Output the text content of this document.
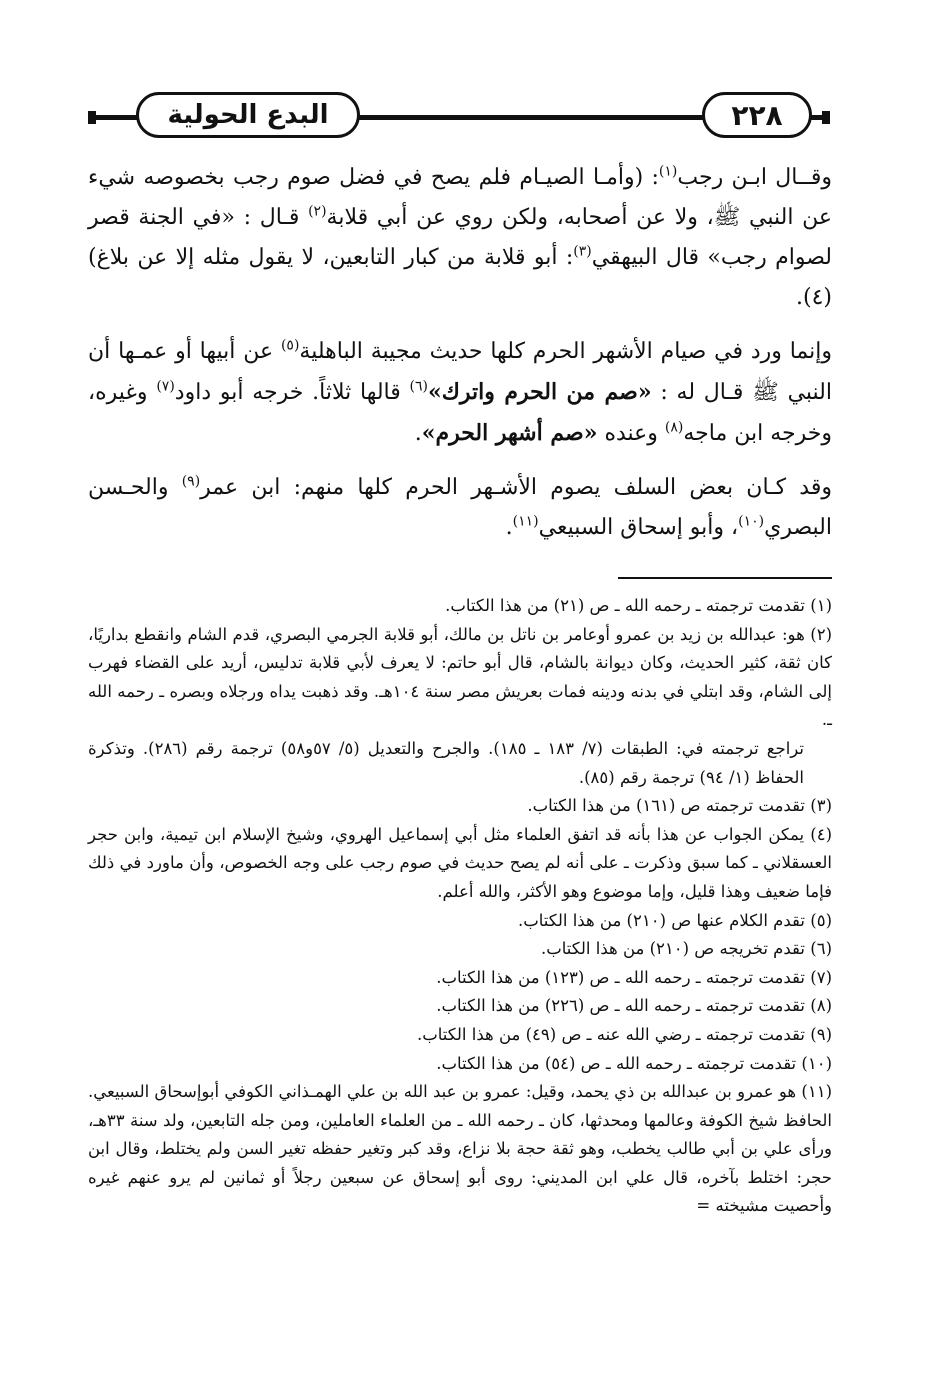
٢٢٨
البدع الحولية

وقــال ابـن رجب$^{(١)}$: (وأمـا الصيـام فلم يصح في فضل صوم رجب بخصوصه شيء عن النبي ﷺ، ولا عن أصحابه، ولكن روي عن أبي قلابة$^{(٢)}$ قـال : «في الجنة قصر لصوام رجب» قال البيهقي$^{(٣)}$: أبو قلابة من كبار التابعين، لا يقول مثله إلا عن بلاغ) (٤).

وإنما ورد في صيام الأشهر الحرم كلها حديث مجيبة الباهلية$^{(٥)}$ عن أبيها أو عمـها أن النبي ﷺ قـال له : «صم من الحرم واترك»$^{(٦)}$ قالها ثلاثاً. خرجه أبو داود$^{(٧)}$ وغيره، وخرجه ابن ماجه$^{(٨)}$ وعنده «صم أشهر الحرم».

وقد كـان بعض السلف يصوم الأشـهر الحرم كلها منهم: ابن عمر$^{(٩)}$ والحـسن البصري$^{(١٠)}$، وأبو إسحاق السبيعي$^{(١١)}$.

(١) تقدمت ترجمته ـ رحمه الله ـ ص (٢١) من هذا الكتاب.

(٢) هو: عبدالله بن زيد بن عمرو أوعامر بن ناتل بن مالك، أبو قلابة الجرمي البصري، قدم الشام وانقطع بداريًا، كان ثقة، كثير الحديث، وكان ديوانة بالشام، قال أبو حاتم: لا يعرف لأبي قلابة تدليس، أريد على القضاء فهرب إلى الشام، وقد ابتلي في بدنه ودينه فمات بعريش مصر سنة ١٠٤هـ. وقد ذهبت يداه ورجلاه وبصره ـ رحمه الله ـ.

تراجع ترجمته في: الطبقات (٧/ ١٨٣ ـ ١٨٥). والجرح والتعديل (٥/ ٥٧و٥٨) ترجمة رقم (٢٨٦). وتذكرة الحفاظ (١/ ٩٤) ترجمة رقم (٨٥).

(٣) تقدمت ترجمته ص (١٦١) من هذا الكتاب.

(٤) يمكن الجواب عن هذا بأنه قد اتفق العلماء مثل أبي إسماعيل الهروي، وشيخ الإسلام ابن تيمية، وابن حجر العسقلاني ـ كما سبق وذكرت ـ على أنه لم يصح حديث في صوم رجب على وجه الخصوص، وأن ماورد في ذلك فإما ضعيف وهذا قليل، وإما موضوع وهو الأكثر، والله أعلم.

(٥) تقدم الكلام عنها ص (٢١٠) من هذا الكتاب.

(٦) تقدم تخريجه ص (٢١٠) من هذا الكتاب.

(٧) تقدمت ترجمته ـ رحمه الله ـ ص (١٢٣) من هذا الكتاب.

(٨) تقدمت ترجمته ـ رحمه الله ـ ص (٢٢٦) من هذا الكتاب.

(٩) تقدمت ترجمته ـ رضي الله عنه ـ ص (٤٩) من هذا الكتاب.

(١٠) تقدمت ترجمته ـ رحمه الله ـ ص (٥٤) من هذا الكتاب.

(١١) هو عمرو بن عبدالله بن ذي يحمد، وقيل: عمرو بن عبد الله بن علي الهمـذاني الكوفي أبوإسحاق السبيعي. الحافظ شيخ الكوفة وعالمها ومحدثها، كان ـ رحمه الله ـ من العلماء العاملين، ومن جله التابعين، ولد سنة ٣٣هـ، ورأى علي بن أبي طالب يخطب، وهو ثقة حجة بلا نزاع، وقد كبر وتغير حفظه تغير السن ولم يختلط، وقال ابن حجر: اختلط بآخره، قال علي ابن المديني: روى أبو إسحاق عن سبعين رجلاً أو ثمانين لم يرو عنهم غيره وأحصيت مشيخته =
